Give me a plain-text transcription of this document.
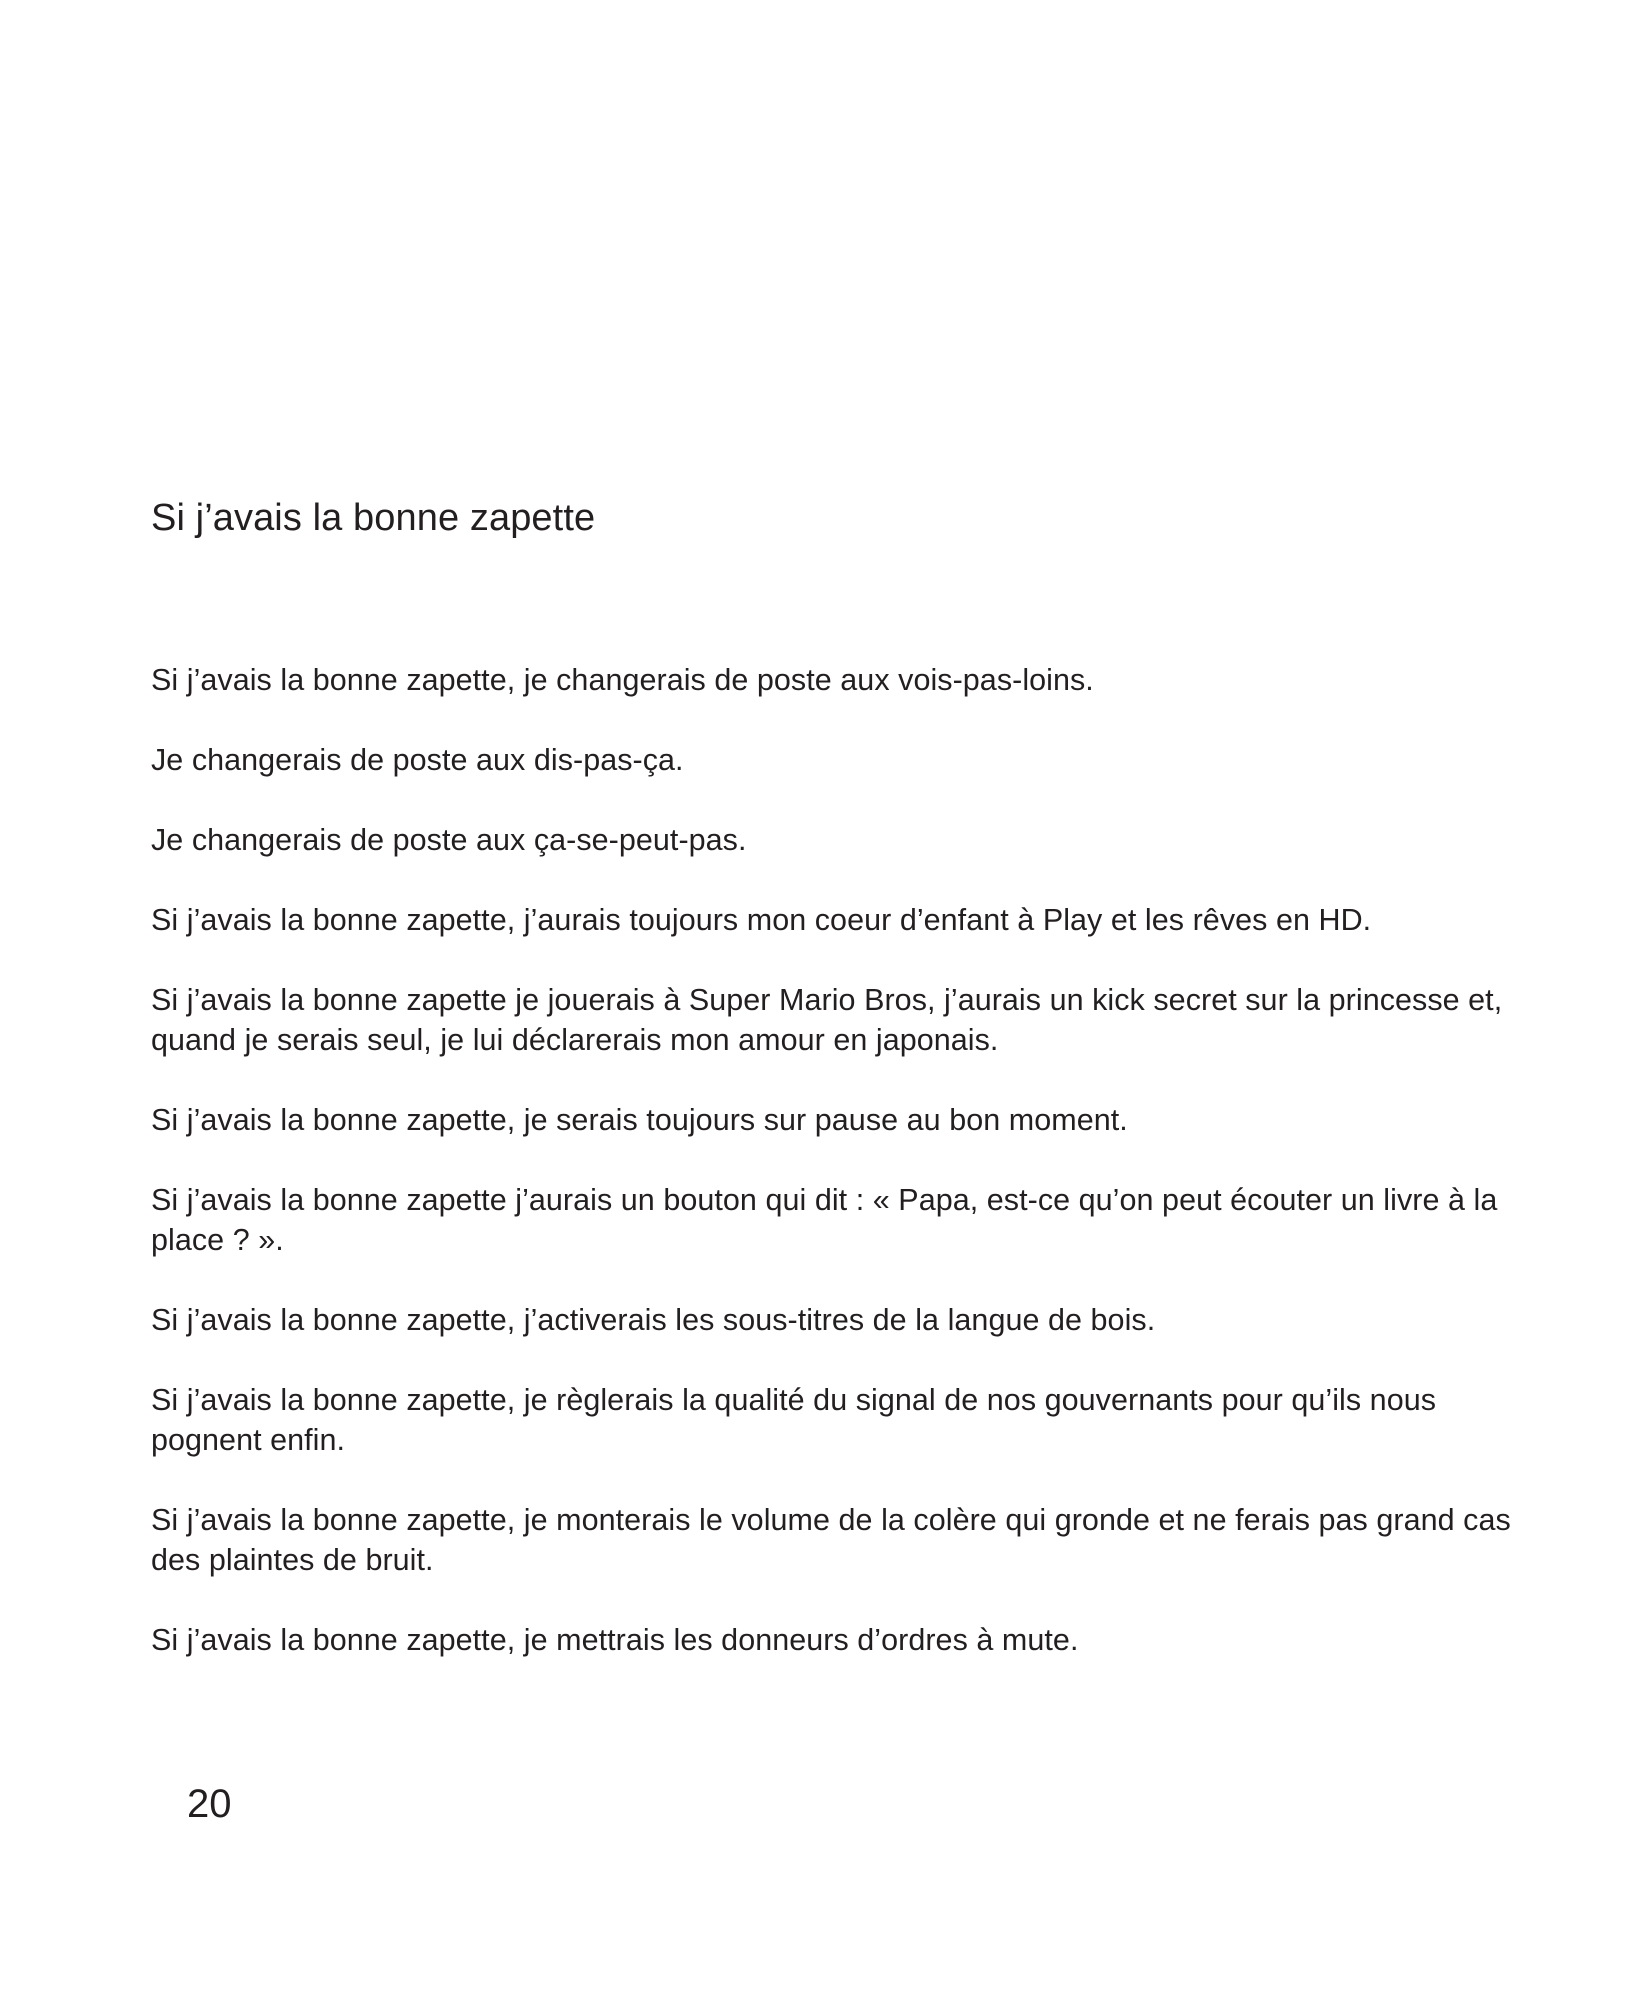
Si j’avais la bonne zapette

Si j’avais la bonne zapette, je changerais de poste aux vois-pas-loins.

Je changerais de poste aux dis-pas-ça.

Je changerais de poste aux ça-se-peut-pas.

Si j’avais la bonne zapette, j’aurais toujours mon coeur d’enfant à Play et les rêves en HD.

Si j’avais la bonne zapette je jouerais à Super Mario Bros, j’aurais un kick secret sur la princesse et, quand je serais seul, je lui déclarerais mon amour en japonais.

Si j’avais la bonne zapette, je serais toujours sur pause au bon moment.

Si j’avais la bonne zapette j’aurais un bouton qui dit : « Papa, est-ce qu’on peut écouter un livre à la place ? ».

Si j’avais la bonne zapette, j’activerais les sous-titres de la langue de bois.

Si j’avais la bonne zapette, je règlerais la qualité du signal de nos gouvernants pour qu’ils nous pognent enfin.

Si j’avais la bonne zapette, je monterais le volume de la colère qui gronde et ne ferais pas grand cas des plaintes de bruit.

Si j’avais la bonne zapette, je mettrais les donneurs d’ordres à mute.

20
